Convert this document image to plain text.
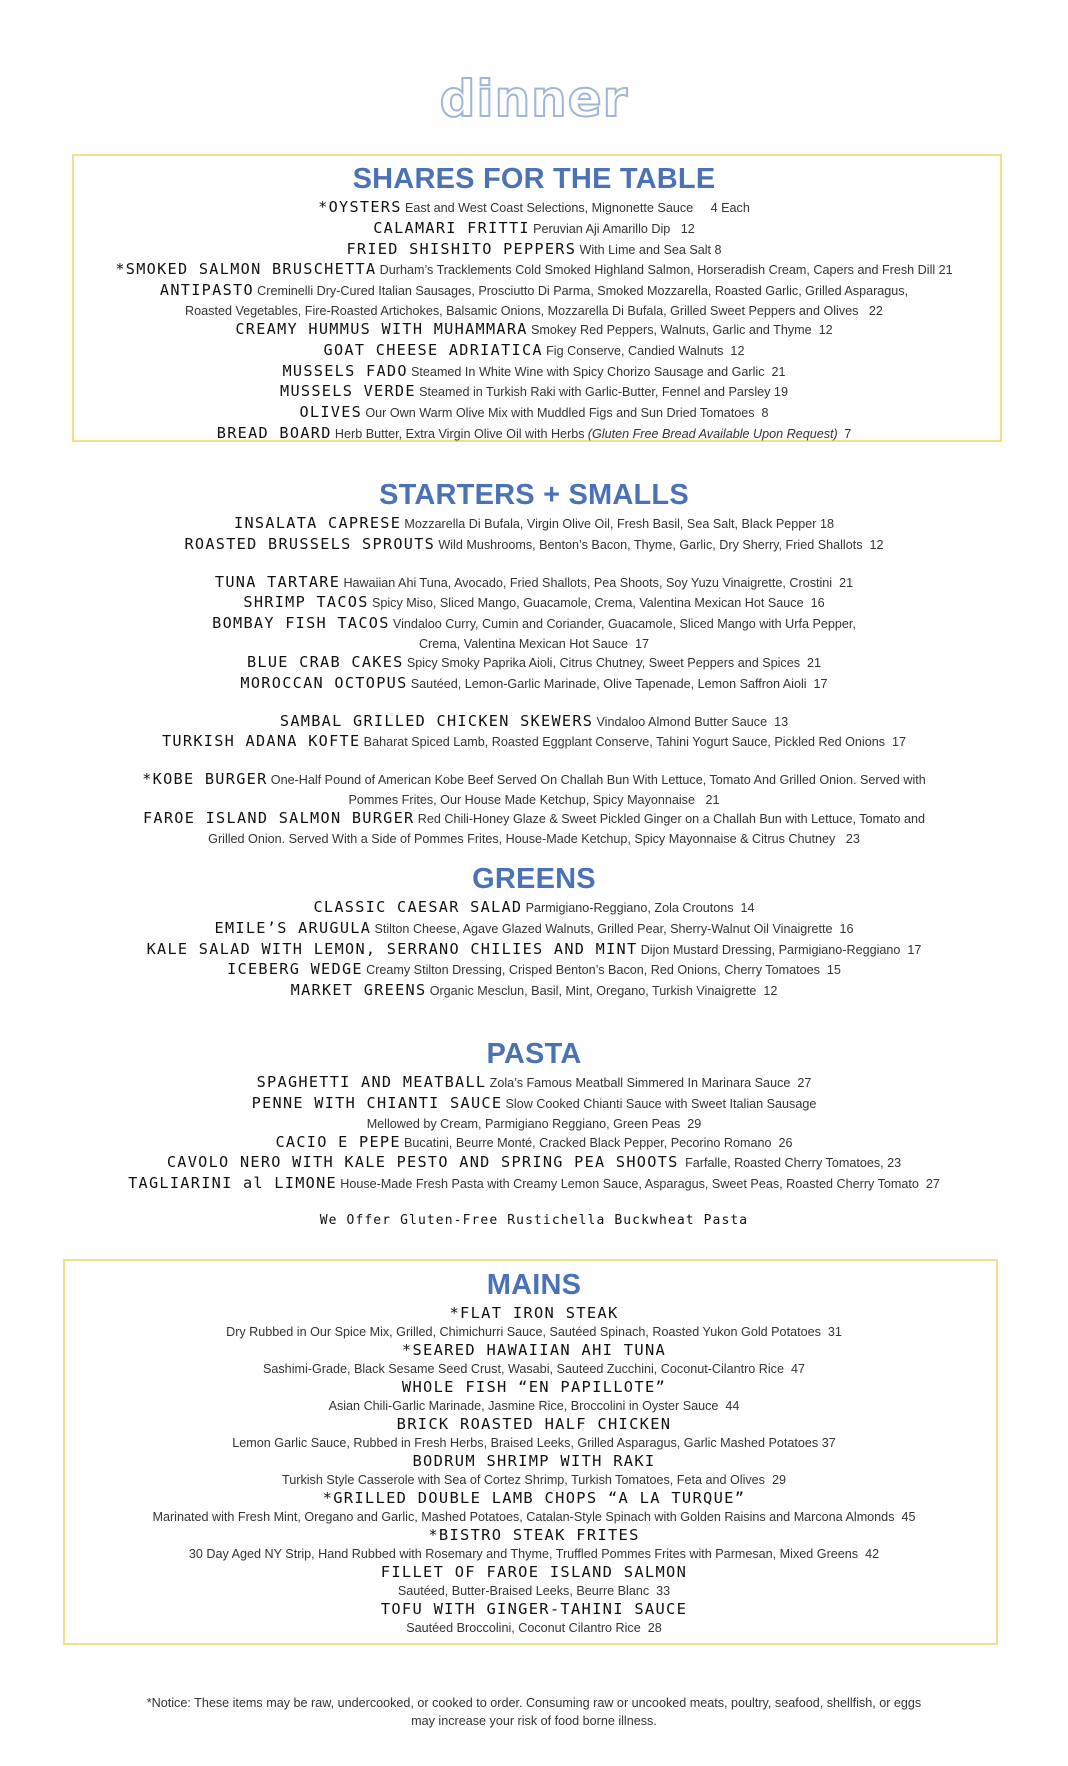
dinner
SHARES FOR THE TABLE
*OYSTERS East and West Coast Selections, Mignonette Sauce     4 Each
CALAMARI FRITTI Peruvian Aji Amarillo Dip   12
FRIED SHISHITO PEPPERS With Lime and Sea Salt 8
*SMOKED SALMON BRUSCHETTA Durham’s Tracklements Cold Smoked Highland Salmon, Horseradish Cream, Capers and Fresh Dill 21
ANTIPASTO Creminelli Dry-Cured Italian Sausages, Prosciutto Di Parma, Smoked Mozzarella, Roasted Garlic, Grilled Asparagus,
Roasted Vegetables, Fire-Roasted Artichokes, Balsamic Onions, Mozzarella Di Bufala, Grilled Sweet Peppers and Olives   22
CREAMY HUMMUS WITH MUHAMMARA Smokey Red Peppers, Walnuts, Garlic and Thyme  12
GOAT CHEESE ADRIATICA Fig Conserve, Candied Walnuts  12
MUSSELS FADO Steamed In White Wine with Spicy Chorizo Sausage and Garlic  21
MUSSELS VERDE Steamed in Turkish Raki with Garlic-Butter, Fennel and Parsley 19
OLIVES Our Own Warm Olive Mix with Muddled Figs and Sun Dried Tomatoes  8
BREAD BOARD Herb Butter, Extra Virgin Olive Oil with Herbs (Gluten Free Bread Available Upon Request) 7
STARTERS + SMALLS
INSALATA CAPRESE Mozzarella Di Bufala, Virgin Olive Oil, Fresh Basil, Sea Salt, Black Pepper 18
ROASTED BRUSSELS SPROUTS Wild Mushrooms, Benton’s Bacon, Thyme, Garlic, Dry Sherry, Fried Shallots  12
TUNA TARTARE Hawaiian Ahi Tuna, Avocado, Fried Shallots, Pea Shoots, Soy Yuzu Vinaigrette, Crostini  21
SHRIMP TACOS Spicy Miso, Sliced Mango, Guacamole, Crema, Valentina Mexican Hot Sauce  16
BOMBAY FISH TACOS Vindaloo Curry, Cumin and Coriander, Guacamole, Sliced Mango with Urfa Pepper,
Crema, Valentina Mexican Hot Sauce  17
BLUE CRAB CAKES Spicy Smoky Paprika Aioli, Citrus Chutney, Sweet Peppers and Spices  21
MOROCCAN OCTOPUS Sautéed, Lemon-Garlic Marinade, Olive Tapenade, Lemon Saffron Aioli  17
SAMBAL GRILLED CHICKEN SKEWERS Vindaloo Almond Butter Sauce  13
TURKISH ADANA KOFTE Baharat Spiced Lamb, Roasted Eggplant Conserve, Tahini Yogurt Sauce, Pickled Red Onions  17
*KOBE BURGER One-Half Pound of American Kobe Beef Served On Challah Bun With Lettuce, Tomato And Grilled Onion. Served with
Pommes Frites, Our House Made Ketchup, Spicy Mayonnaise   21
FAROE ISLAND SALMON BURGER Red Chili-Honey Glaze & Sweet Pickled Ginger on a Challah Bun with Lettuce, Tomato and
Grilled Onion. Served With a Side of Pommes Frites, House-Made Ketchup, Spicy Mayonnaise & Citrus Chutney   23
GREENS
CLASSIC CAESAR SALAD Parmigiano-Reggiano, Zola Croutons  14
EMILE’S ARUGULA Stilton Cheese, Agave Glazed Walnuts, Grilled Pear, Sherry-Walnut Oil Vinaigrette  16
KALE SALAD WITH LEMON, SERRANO CHILIES AND MINT Dijon Mustard Dressing, Parmigiano-Reggiano  17
ICEBERG WEDGE Creamy Stilton Dressing, Crisped Benton’s Bacon, Red Onions, Cherry Tomatoes  15
MARKET GREENS Organic Mesclun, Basil, Mint, Oregano, Turkish Vinaigrette  12
PASTA
SPAGHETTI AND MEATBALL Zola’s Famous Meatball Simmered In Marinara Sauce  27
PENNE WITH CHIANTI SAUCE Slow Cooked Chianti Sauce with Sweet Italian Sausage
Mellowed by Cream, Parmigiano Reggiano, Green Peas  29
CACIO E PEPE Bucatini, Beurre Monté, Cracked Black Pepper, Pecorino Romano  26
CAVOLO NERO WITH KALE PESTO AND SPRING PEA SHOOTS Farfalle, Roasted Cherry Tomatoes, 23
TAGLIARINI al LIMONE House-Made Fresh Pasta with Creamy Lemon Sauce, Asparagus, Sweet Peas, Roasted Cherry Tomato  27
We Offer Gluten-Free Rustichella Buckwheat Pasta
MAINS
*FLAT IRON STEAK
Dry Rubbed in Our Spice Mix, Grilled, Chimichurri Sauce, Sautéed Spinach, Roasted Yukon Gold Potatoes  31
*SEARED HAWAIIAN AHI TUNA
Sashimi-Grade, Black Sesame Seed Crust, Wasabi, Sauteed Zucchini, Coconut-Cilantro Rice  47
WHOLE FISH “EN PAPILLOTE”
Asian Chili-Garlic Marinade, Jasmine Rice, Broccolini in Oyster Sauce  44
BRICK ROASTED HALF CHICKEN
Lemon Garlic Sauce, Rubbed in Fresh Herbs, Braised Leeks, Grilled Asparagus, Garlic Mashed Potatoes 37
BODRUM SHRIMP WITH RAKI
Turkish Style Casserole with Sea of Cortez Shrimp, Turkish Tomatoes, Feta and Olives  29
*GRILLED DOUBLE LAMB CHOPS “A LA TURQUE”
Marinated with Fresh Mint, Oregano and Garlic, Mashed Potatoes, Catalan-Style Spinach with Golden Raisins and Marcona Almonds  45
*BISTRO STEAK FRITES
30 Day Aged NY Strip, Hand Rubbed with Rosemary and Thyme, Truffled Pommes Frites with Parmesan, Mixed Greens  42
FILLET OF FAROE ISLAND SALMON
Sautéed, Butter-Braised Leeks, Beurre Blanc  33
TOFU WITH GINGER-TAHINI SAUCE
Sautéed Broccolini, Coconut Cilantro Rice  28
*Notice: These items may be raw, undercooked, or cooked to order. Consuming raw or uncooked meats, poultry, seafood, shellfish, or eggs
may increase your risk of food borne illness.
